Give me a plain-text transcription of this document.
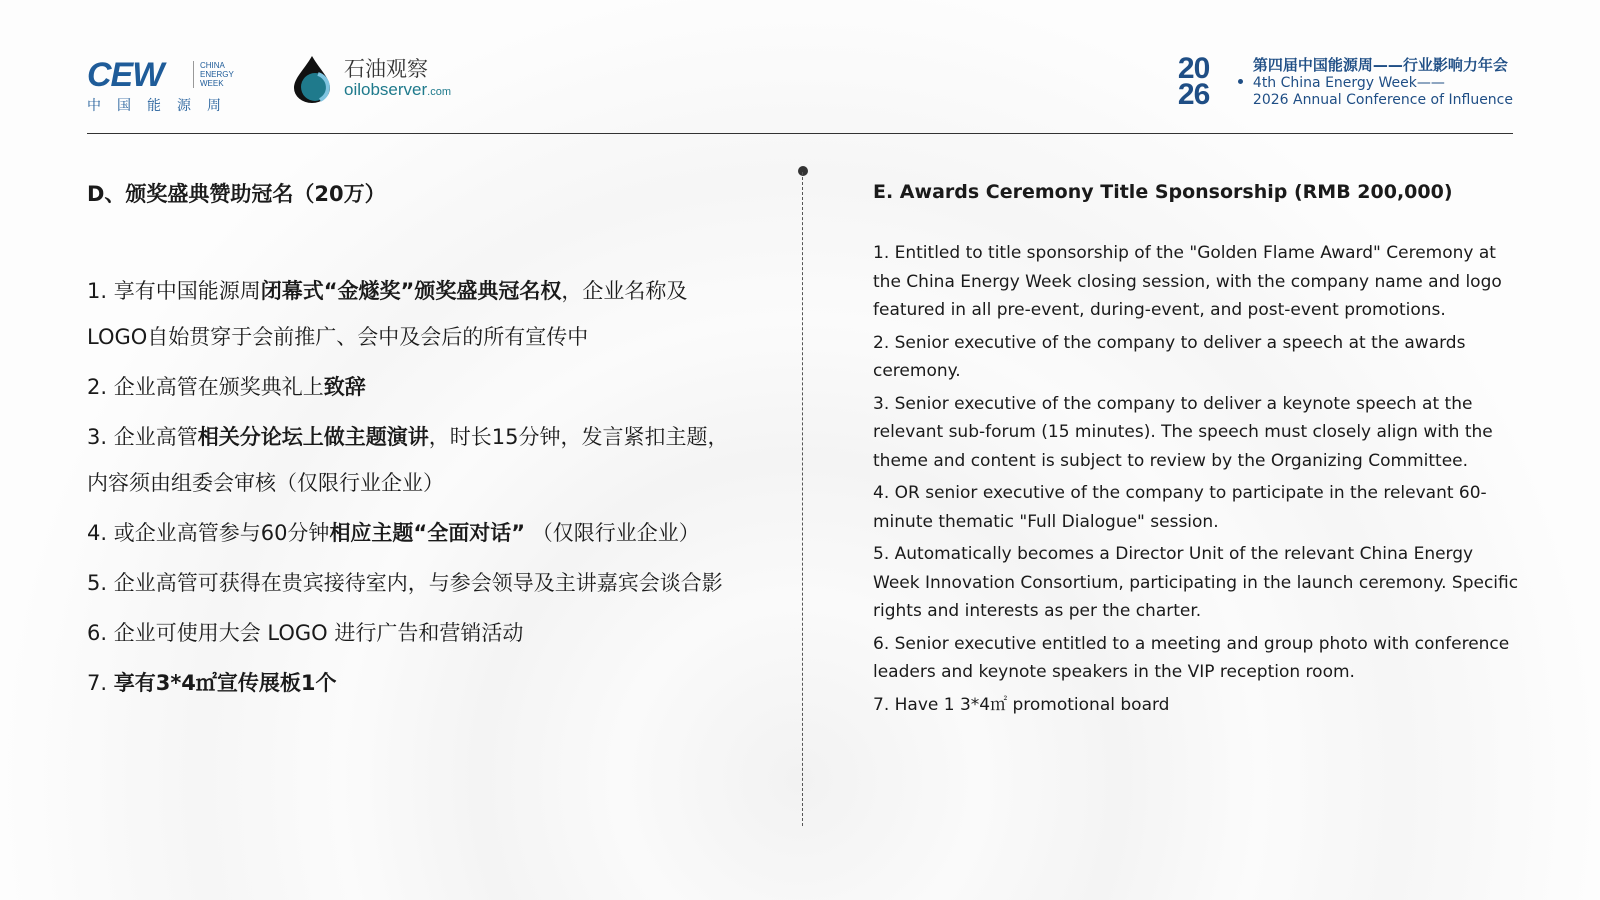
CEW	CHINA ENERGY WEEK
中国能源周
石油观察
oilobserver.com
20
26
第四届中国能源周——行业影响力年会
4th China Energy Week——
2026 Annual Conference of Influence
D、颁奖盛典赞助冠名（20万）

1. 享有中国能源周闭幕式“金燧奖”颁奖盛典冠名权，企业名称及LOGO自始贯穿于会前推广、会中及会后的所有宣传中

2. 企业高管在颁奖典礼上致辞

3. 企业高管相关分论坛上做主题演讲，时长15分钟，发言紧扣主题，内容须由组委会审核（仅限行业企业）

4. 或企业高管参与60分钟相应主题“全面对话” （仅限行业企业）

5. 企业高管可获得在贵宾接待室内，与参会领导及主讲嘉宾会谈合影

6. 企业可使用大会 LOGO 进行广告和营销活动

7. 享有3*4㎡宣传展板1个

E. Awards Ceremony Title Sponsorship (RMB 200,000)

1. Entitled to title sponsorship of the "Golden Flame Award" Ceremony at the China Energy Week closing session, with the company name and logo featured in all pre-event, during-event, and post-event promotions.

2. Senior executive of the company to deliver a speech at the awards ceremony.

3. Senior executive of the company to deliver a keynote speech at the relevant sub-forum (15 minutes). The speech must closely align with the theme and content is subject to review by the Organizing Committee.

4. OR senior executive of the company to participate in the relevant 60-minute thematic "Full Dialogue" session.

5. Automatically becomes a Director Unit of the relevant China Energy Week Innovation Consortium, participating in the launch ceremony. Specific rights and interests as per the charter.

6. Senior executive entitled to a meeting and group photo with conference leaders and keynote speakers in the VIP reception room.

7. Have 1 3*4㎡ promotional board
